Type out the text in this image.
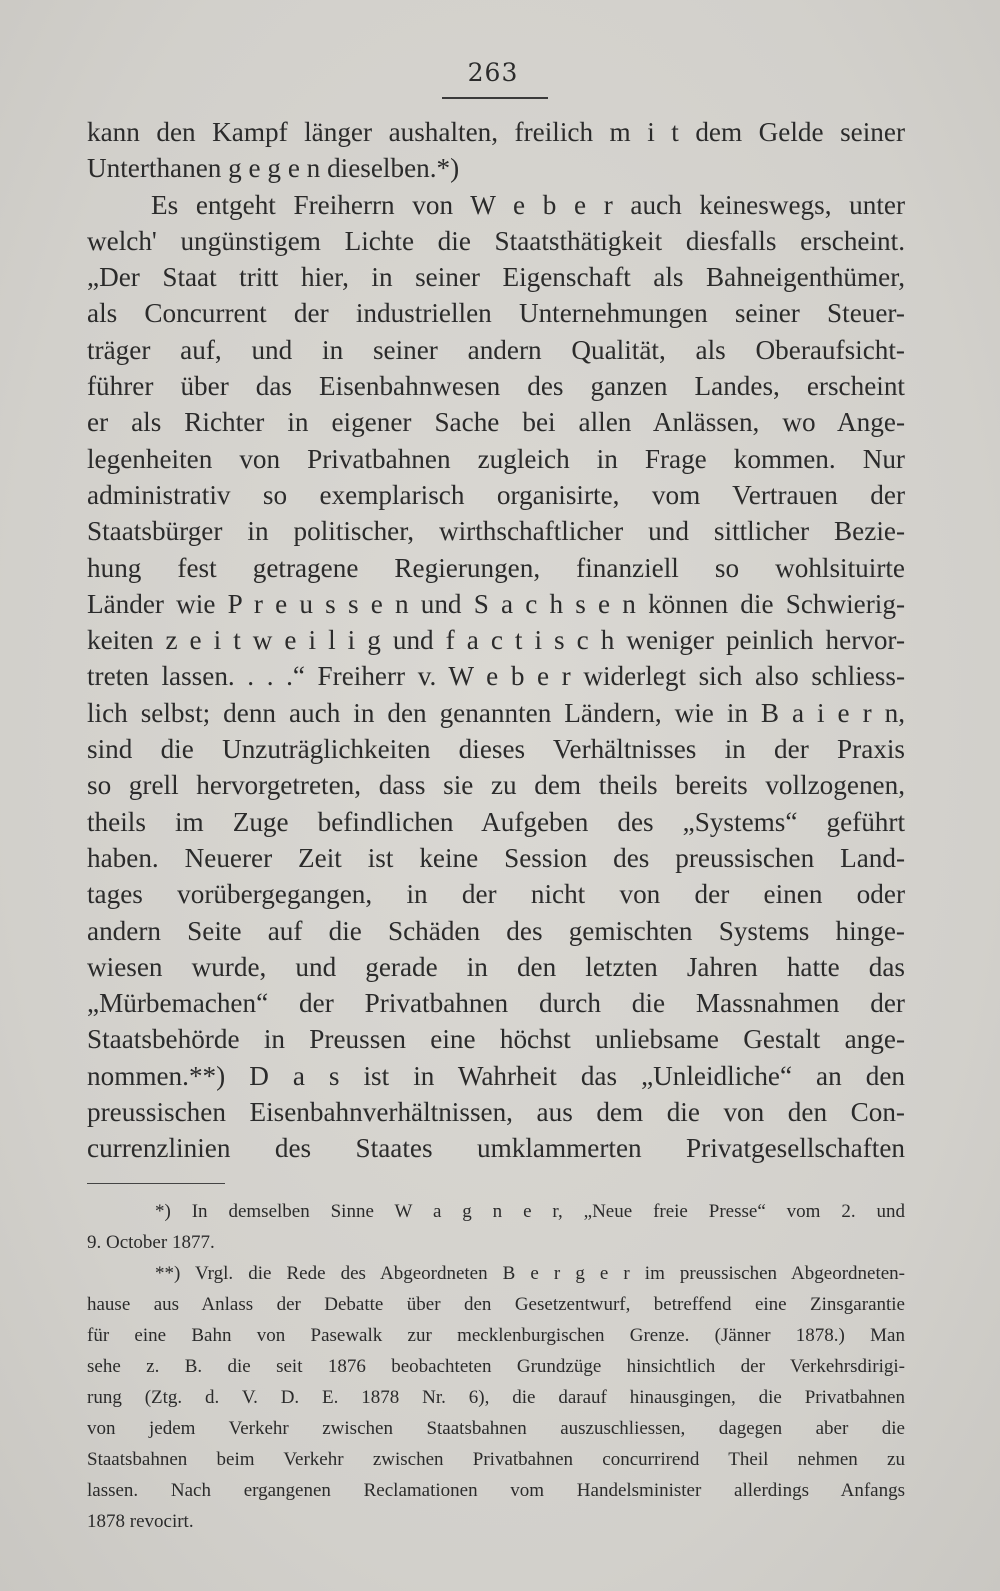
263
kann den Kampf länger aushalten, freilich m i t dem Gelde seiner
Unterthanen g e g e n dieselben.*)
Es entgeht Freiherrn von W e b e r auch keineswegs, unter
welch' ungünstigem Lichte die Staatsthätigkeit diesfalls erscheint.
„Der Staat tritt hier, in seiner Eigenschaft als Bahneigenthümer,
als Concurrent der industriellen Unternehmungen seiner Steuer-
träger auf, und in seiner andern Qualität, als Oberaufsicht-
führer über das Eisenbahnwesen des ganzen Landes, erscheint
er als Richter in eigener Sache bei allen Anlässen, wo Ange-
legenheiten von Privatbahnen zugleich in Frage kommen. Nur
administrativ so exemplarisch organisirte, vom Vertrauen der
Staatsbürger in politischer, wirthschaftlicher und sittlicher Bezie-
hung fest getragene Regierungen, finanziell so wohlsituirte
Länder wie P r e u s s e n und S a c h s e n können die Schwierig-
keiten z e i t w e i l i g und f a c t i s c h weniger peinlich hervor-
treten lassen. . . .“ Freiherr v. W e b e r widerlegt sich also schliess-
lich selbst; denn auch in den genannten Ländern, wie in B a i e r n,
sind die Unzuträglichkeiten dieses Verhältnisses in der Praxis
so grell hervorgetreten, dass sie zu dem theils bereits vollzogenen,
theils im Zuge befindlichen Aufgeben des „Systems“ geführt
haben. Neuerer Zeit ist keine Session des preussischen Land-
tages vorübergegangen, in der nicht von der einen oder
andern Seite auf die Schäden des gemischten Systems hinge-
wiesen wurde, und gerade in den letzten Jahren hatte das
„Mürbemachen“ der Privatbahnen durch die Massnahmen der
Staatsbehörde in Preussen eine höchst unliebsame Gestalt ange-
nommen.**) D a s ist in Wahrheit das „Unleidliche“ an den
preussischen Eisenbahnverhältnissen, aus dem die von den Con-
currenzlinien des Staates umklammerten Privatgesellschaften
*) In demselben Sinne W a g n e r, „Neue freie Presse“ vom 2. und
9. October 1877.
**) Vrgl. die Rede des Abgeordneten B e r g e r im preussischen Abgeordneten-
hause aus Anlass der Debatte über den Gesetzentwurf, betreffend eine Zinsgarantie
für eine Bahn von Pasewalk zur mecklenburgischen Grenze. (Jänner 1878.) Man
sehe z. B. die seit 1876 beobachteten Grundzüge hinsichtlich der Verkehrsdirigi-
rung (Ztg. d. V. D. E. 1878 Nr. 6), die darauf hinausgingen, die Privatbahnen
von jedem Verkehr zwischen Staatsbahnen auszuschliessen, dagegen aber die
Staatsbahnen beim Verkehr zwischen Privatbahnen concurrirend Theil nehmen zu
lassen. Nach ergangenen Reclamationen vom Handelsminister allerdings Anfangs
1878 revocirt.
